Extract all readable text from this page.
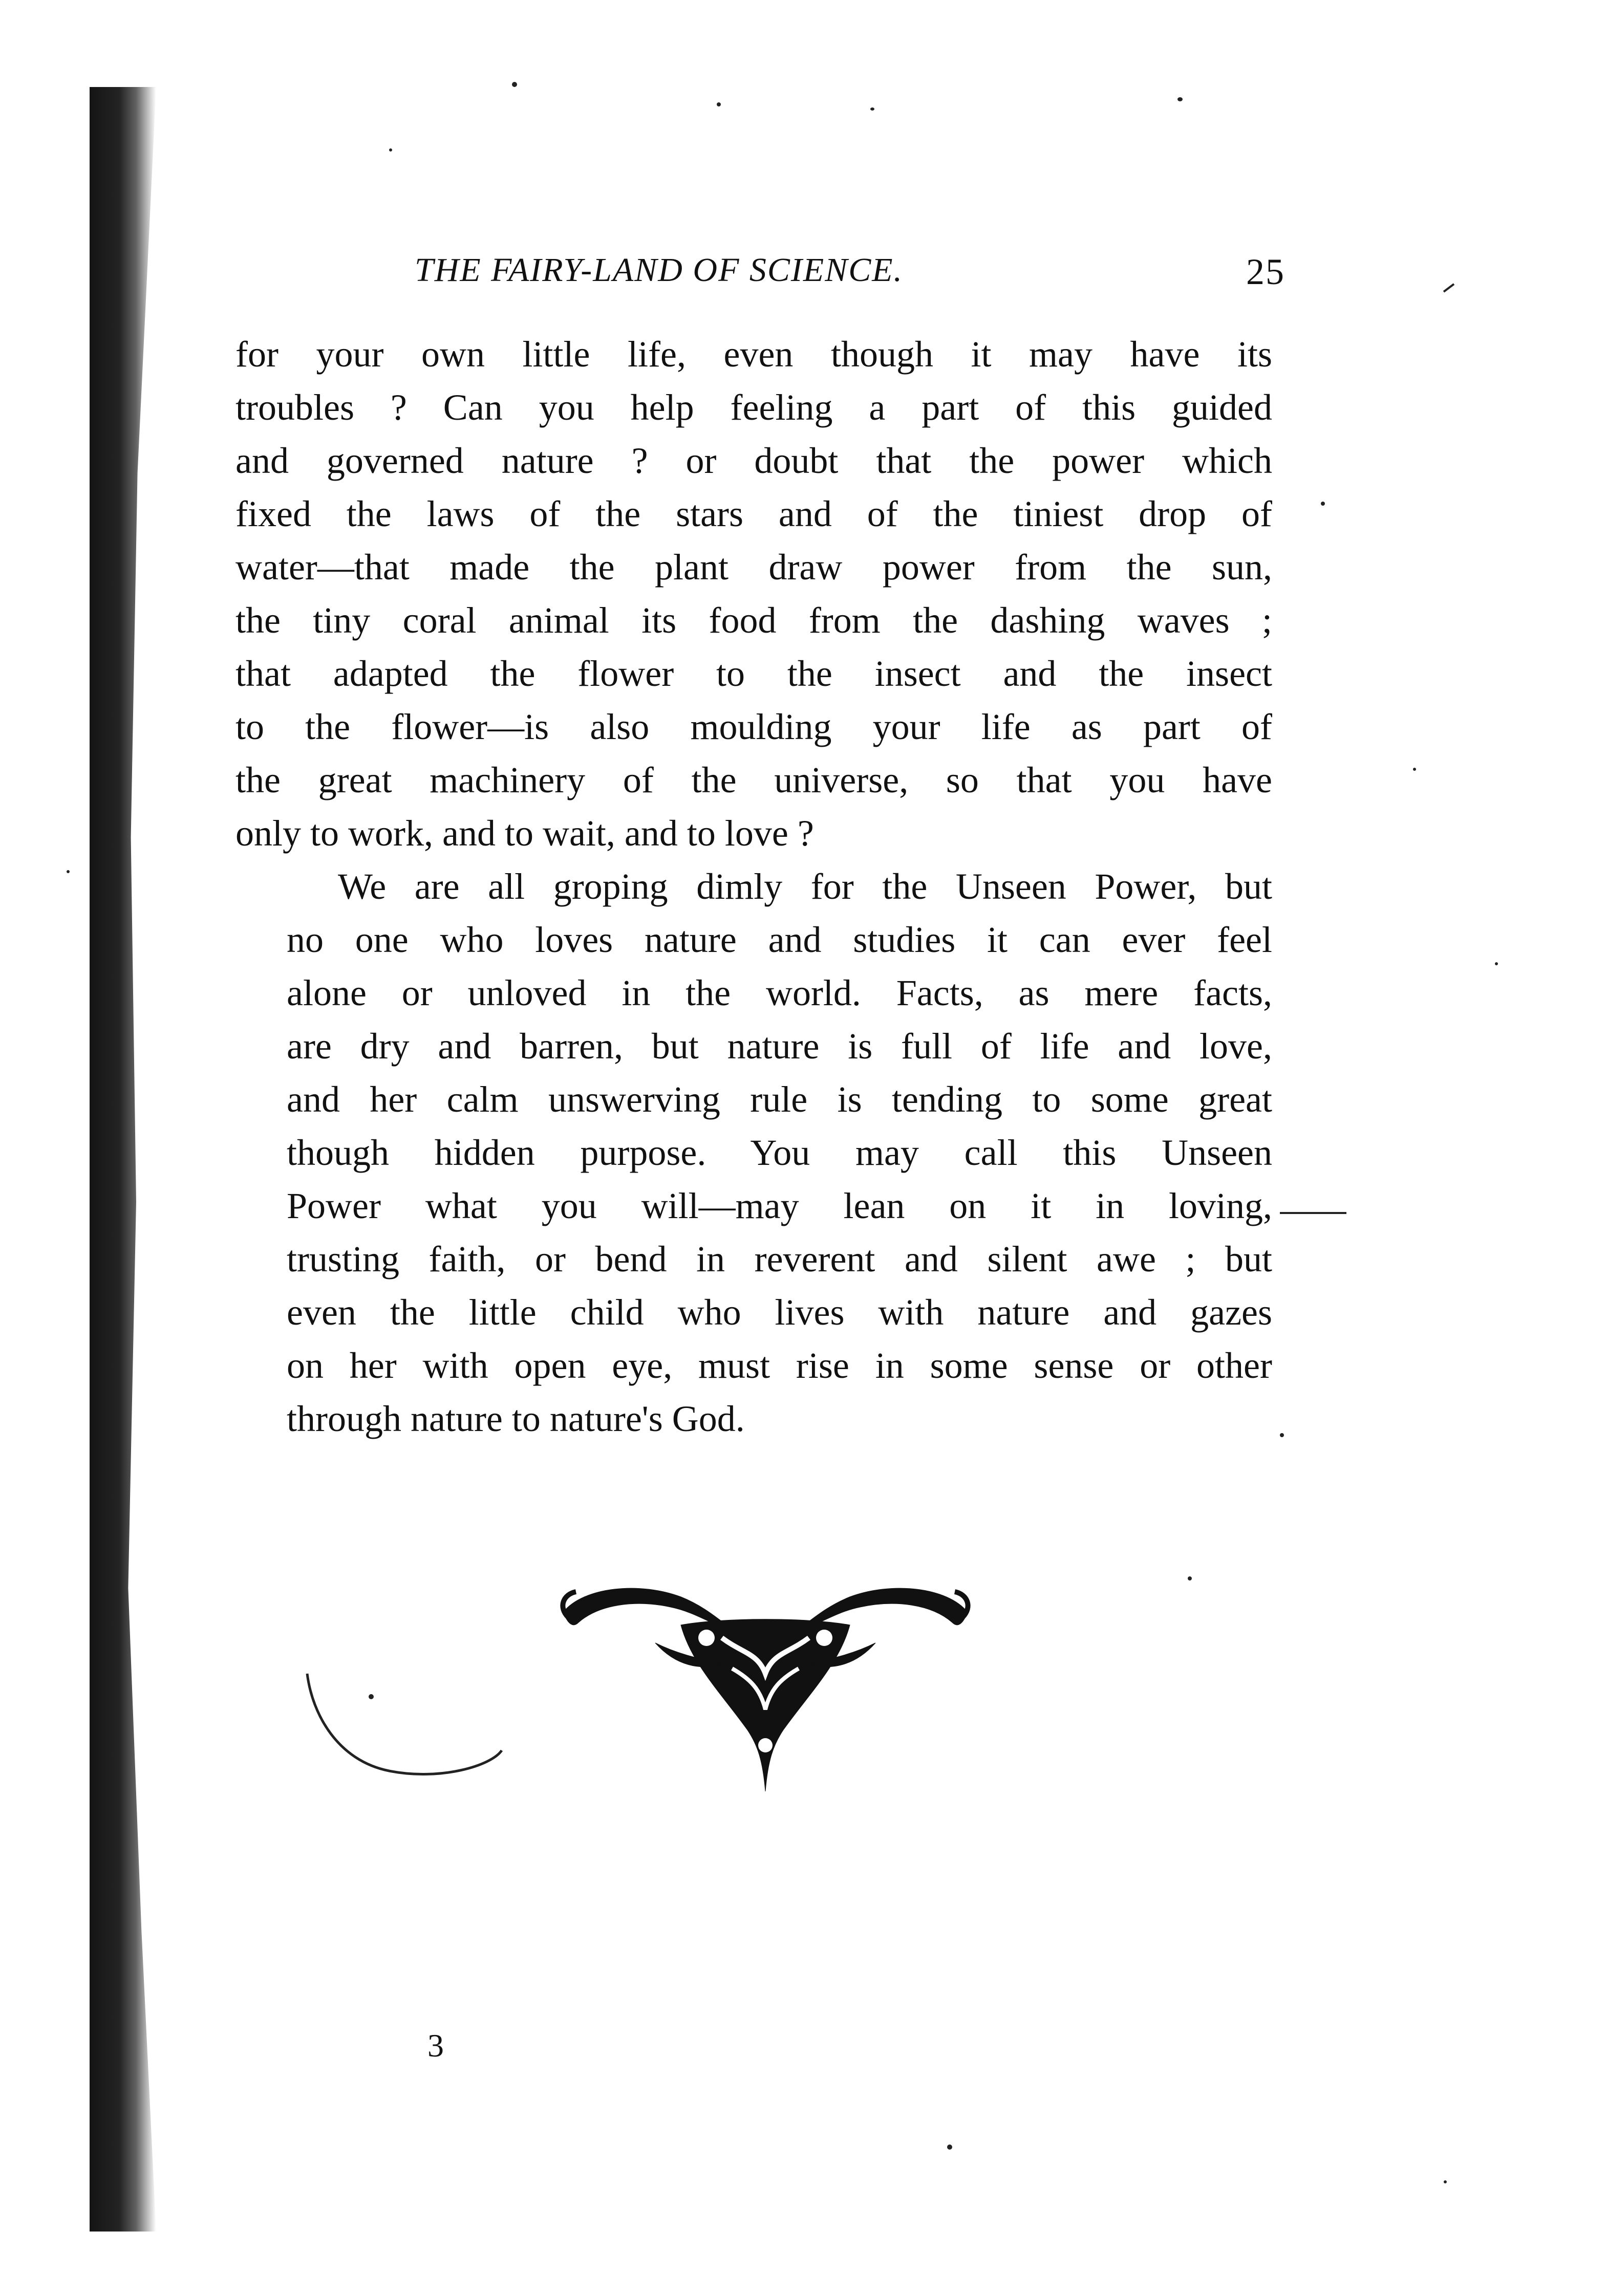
THE FAIRY-LAND OF SCIENCE.	25

for your own little life, even though it may have its
troubles ? Can you help feeling a part of this guided
and governed nature ? or doubt that the power which
fixed the laws of the stars and of the tiniest drop of
water—that made the plant draw power from the sun,
the tiny coral animal its food from the dashing waves ;
that adapted the flower to the insect and the insect
to the flower—is also moulding your life as part of
the great machinery of the universe, so that you have
only to work, and to wait, and to love ?

We are all groping dimly for the Unseen Power, but
no one who loves nature and studies it can ever feel
alone or unloved in the world. Facts, as mere facts,
are dry and barren, but nature is full of life and love,
and her calm unswerving rule is tending to some great
though hidden purpose. You may call this Unseen
Power what you will—may lean on it in loving,
trusting faith, or bend in reverent and silent awe ; but
even the little child who lives with nature and gazes
on her with open eye, must rise in some sense or other
through nature to nature's God.

3
